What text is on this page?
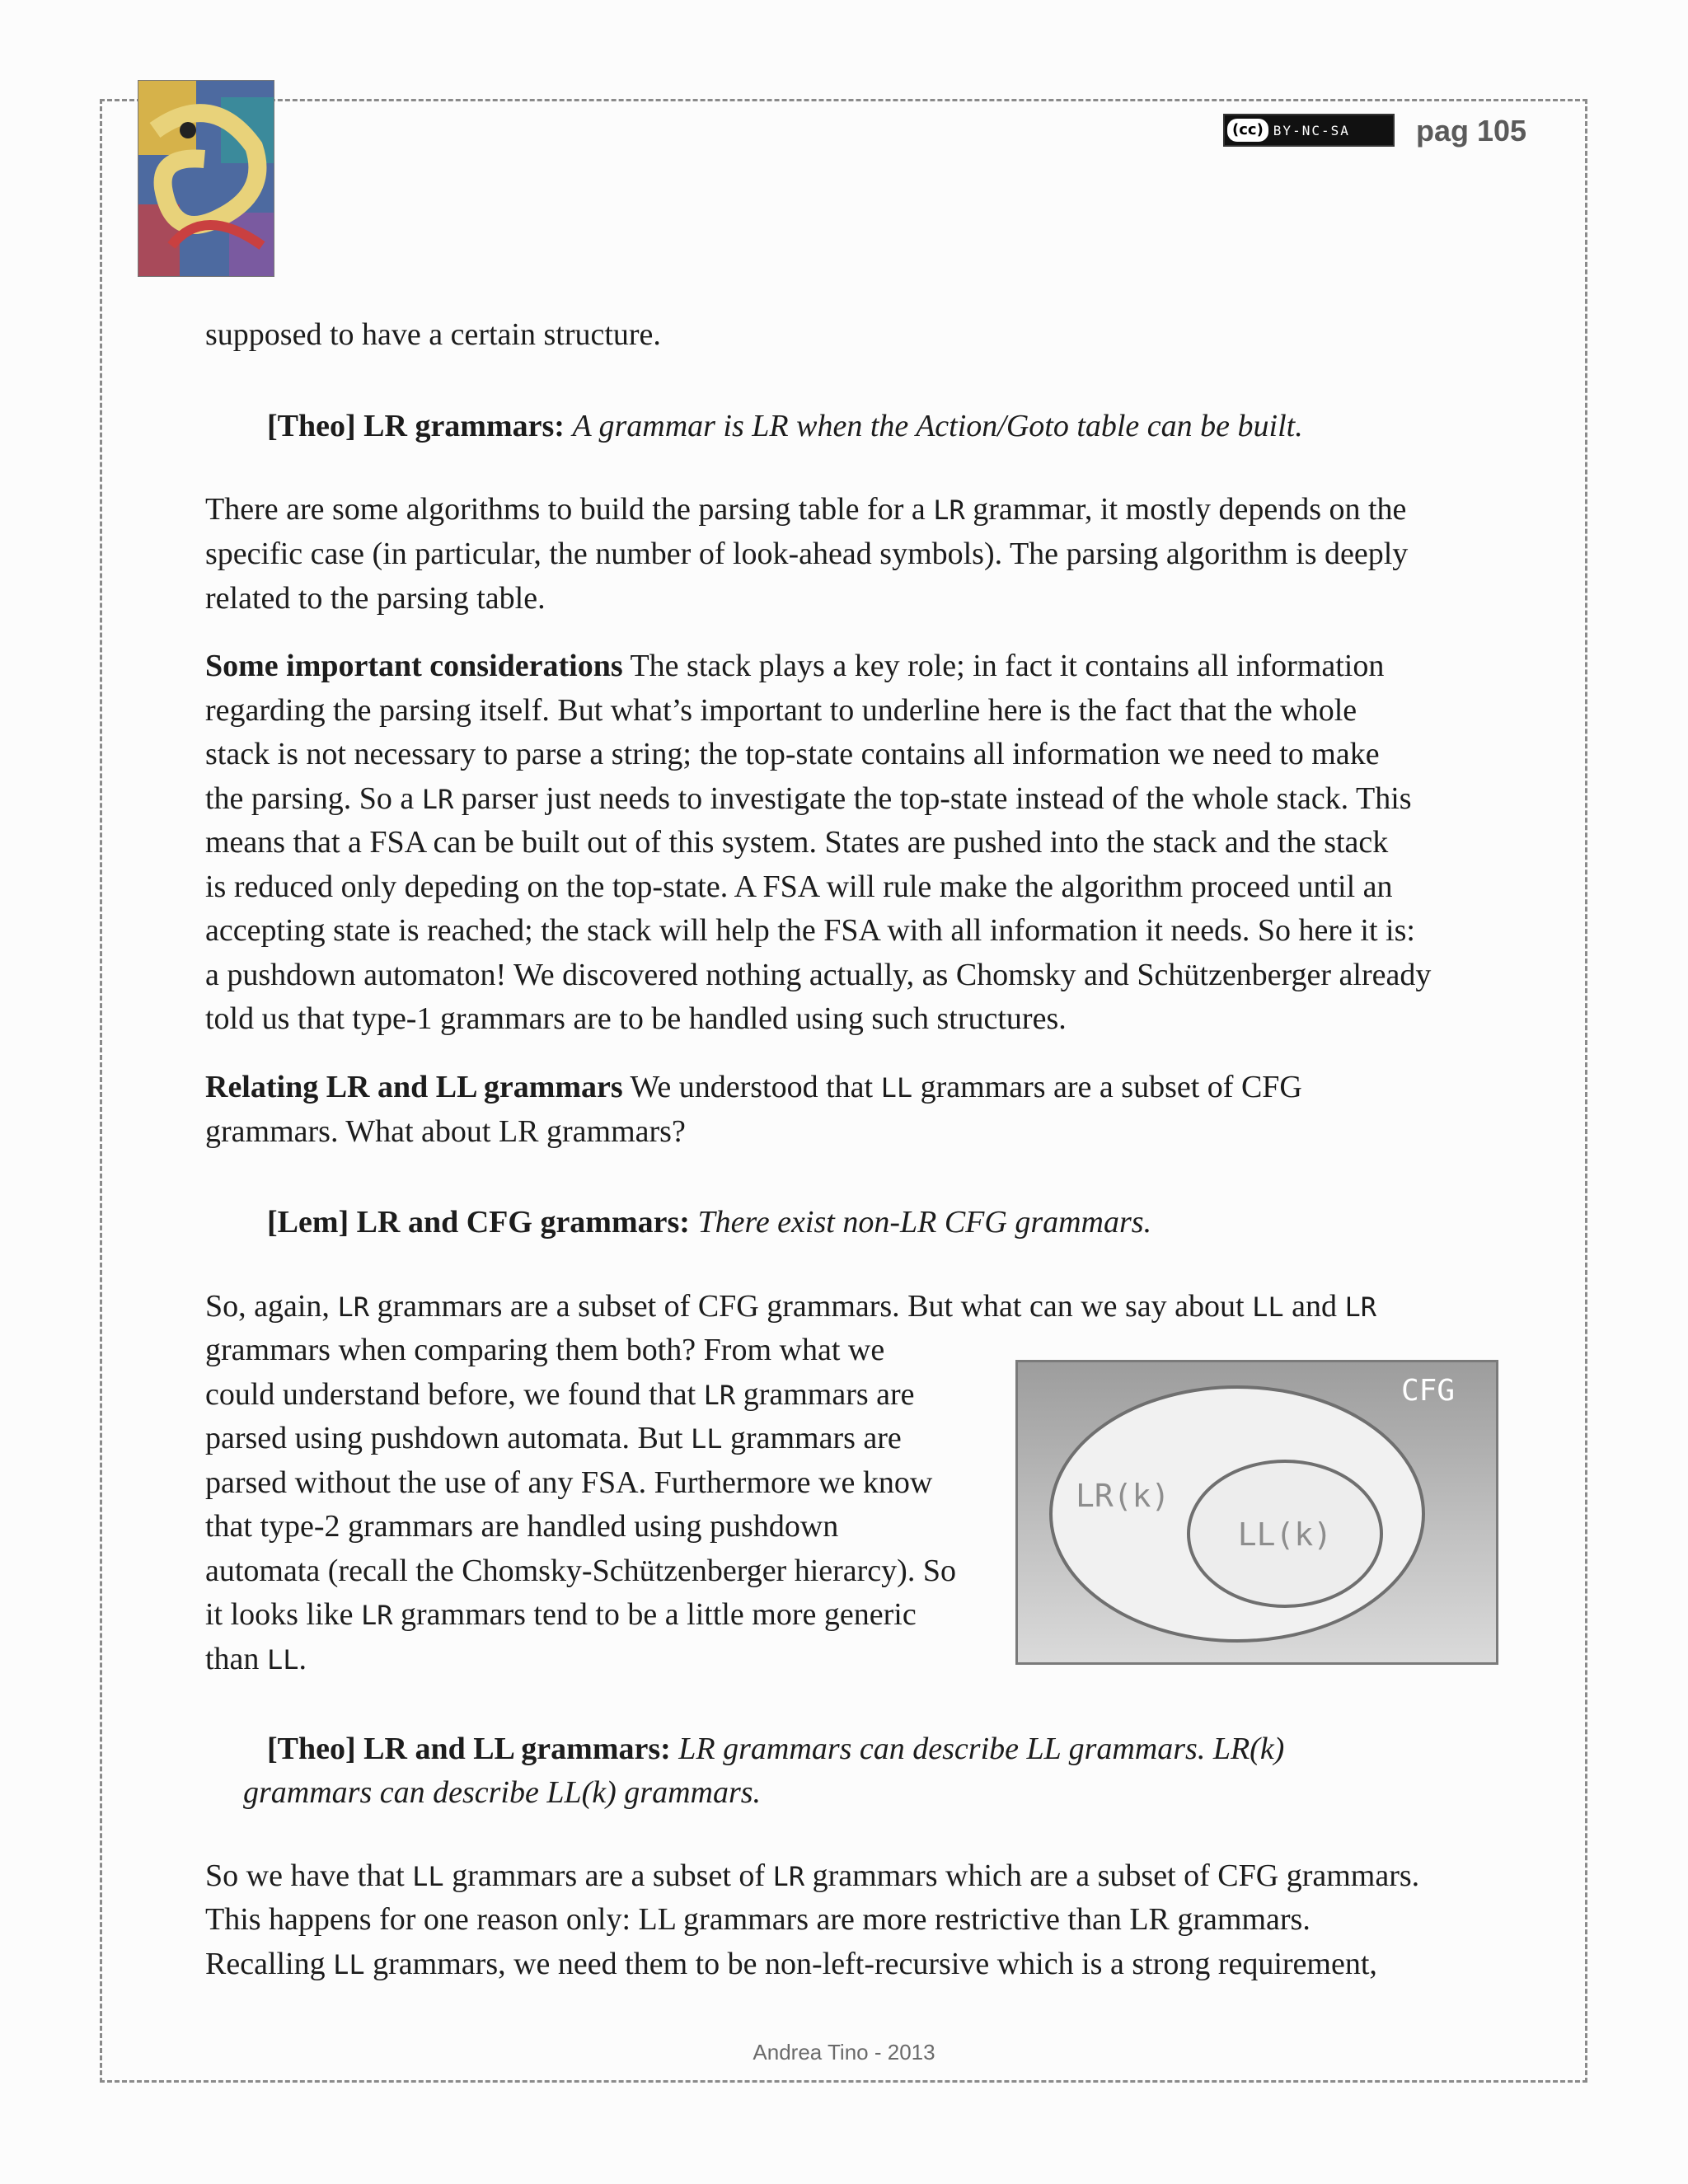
(cc) BY-NC-SA pag 105

supposed to have a certain structure.

[Theo] LR grammars: A grammar is LR when the Action/Goto table can be built.

There are some algorithms to build the parsing table for a LR grammar, it mostly depends on the

specific case (in particular, the number of look-ahead symbols). The parsing algorithm is deeply

related to the parsing table.

Some important considerations The stack plays a key role; in fact it contains all information

regarding the parsing itself. But what’s important to underline here is the fact that the whole

stack is not necessary to parse a string; the top-state contains all information we need to make

the parsing. So a LR parser just needs to investigate the top-state instead of the whole stack. This

means that a FSA can be built out of this system. States are pushed into the stack and the stack

is reduced only depeding on the top-state. A FSA will rule make the algorithm proceed until an

accepting state is reached; the stack will help the FSA with all information it needs. So here it is:

a pushdown automaton! We discovered nothing actually, as Chomsky and Schützenberger already

told us that type-1 grammars are to be handled using such structures.

Relating LR and LL grammars We understood that LL grammars are a subset of CFG

grammars. What about LR grammars?

[Lem] LR and CFG grammars: There exist non-LR CFG grammars.

So, again, LR grammars are a subset of CFG grammars. But what can we say about LL and LR

grammars when comparing them both? From what we

could understand before, we found that LR grammars are

parsed using pushdown automata. But LL grammars are

parsed without the use of any FSA. Furthermore we know

that type-2 grammars are handled using pushdown

automata (recall the Chomsky-Schützenberger hierarcy). So

it looks like LR grammars tend to be a little more generic

than LL.

CFG
LR(k)
LL(k)

[Theo] LR and LL grammars: LR grammars can describe LL grammars. LR(k)

grammars can describe LL(k) grammars.

So we have that LL grammars are a subset of LR grammars which are a subset of CFG grammars.

This happens for one reason only: LL grammars are more restrictive than LR grammars.

Recalling LL grammars, we need them to be non-left-recursive which is a strong requirement,

Andrea Tino - 2013
